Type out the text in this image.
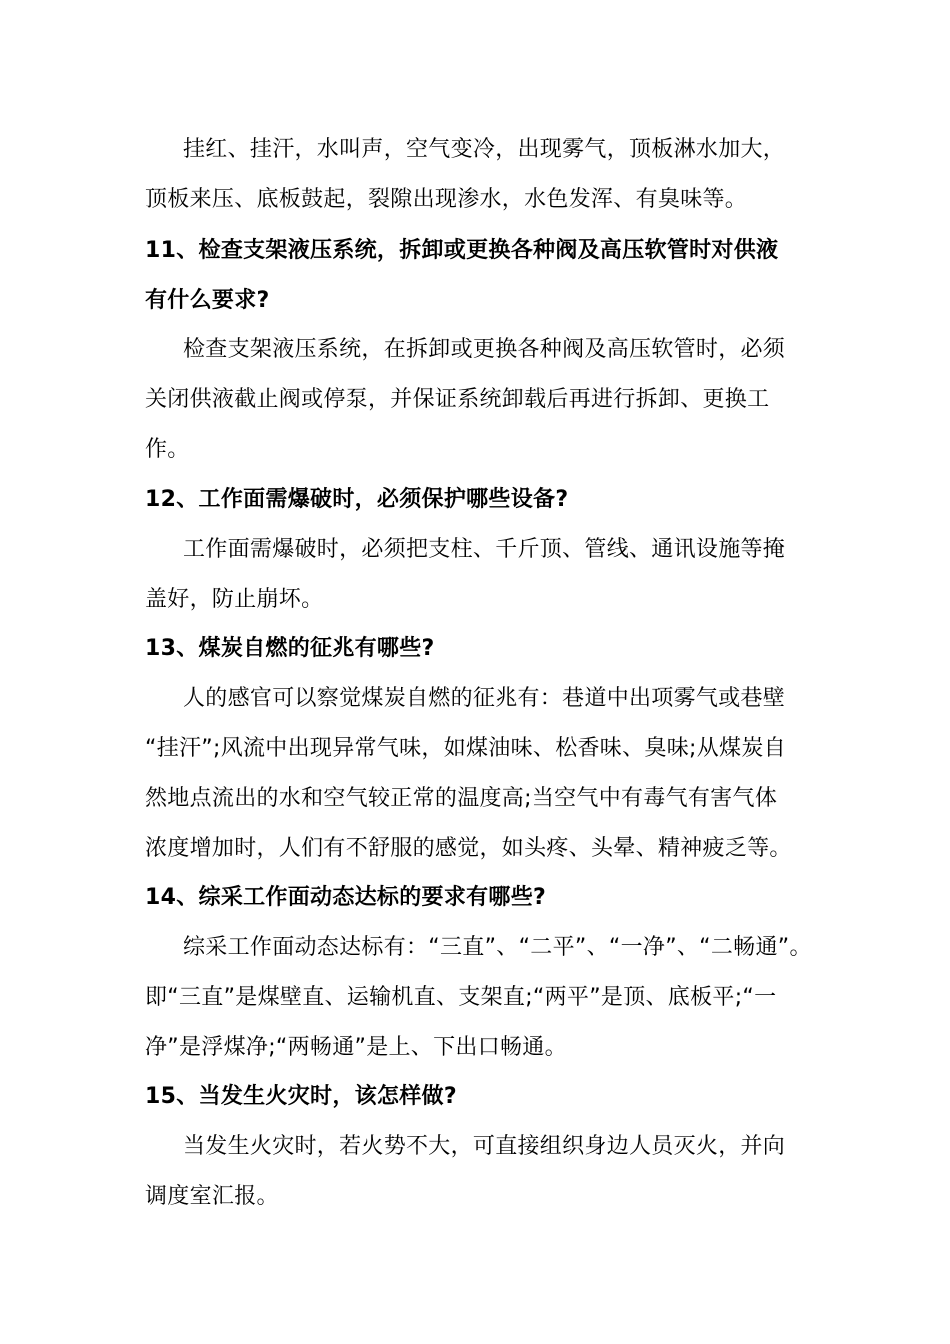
挂红、挂汗，水叫声，空气变冷，出现雾气，顶板淋水加大，
顶板来压、底板鼓起，裂隙出现渗水，水色发浑、有臭味等。
11、检查支架液压系统，拆卸或更换各种阀及高压软管时对供液
有什么要求?
检查支架液压系统，在拆卸或更换各种阀及高压软管时，必须
关闭供液截止阀或停泵，并保证系统卸载后再进行拆卸、更换工
作。
12、工作面需爆破时，必须保护哪些设备?
工作面需爆破时，必须把支柱、千斤顶、管线、通讯设施等掩
盖好，防止崩坏。
13、煤炭自燃的征兆有哪些?
人的感官可以察觉煤炭自燃的征兆有：巷道中出项雾气或巷壁
“挂汗”;风流中出现异常气味，如煤油味、松香味、臭味;从煤炭自
然地点流出的水和空气较正常的温度高;当空气中有毒气有害气体
浓度增加时，人们有不舒服的感觉，如头疼、头晕、精神疲乏等。
14、综采工作面动态达标的要求有哪些?
综采工作面动态达标有：“三直”、“二平”、“一净”、“二畅通”。
即“三直”是煤壁直、运输机直、支架直;“两平”是顶、底板平;“一
净”是浮煤净;“两畅通”是上、下出口畅通。
15、当发生火灾时，该怎样做?
当发生火灾时，若火势不大，可直接组织身边人员灭火，并向
调度室汇报。
